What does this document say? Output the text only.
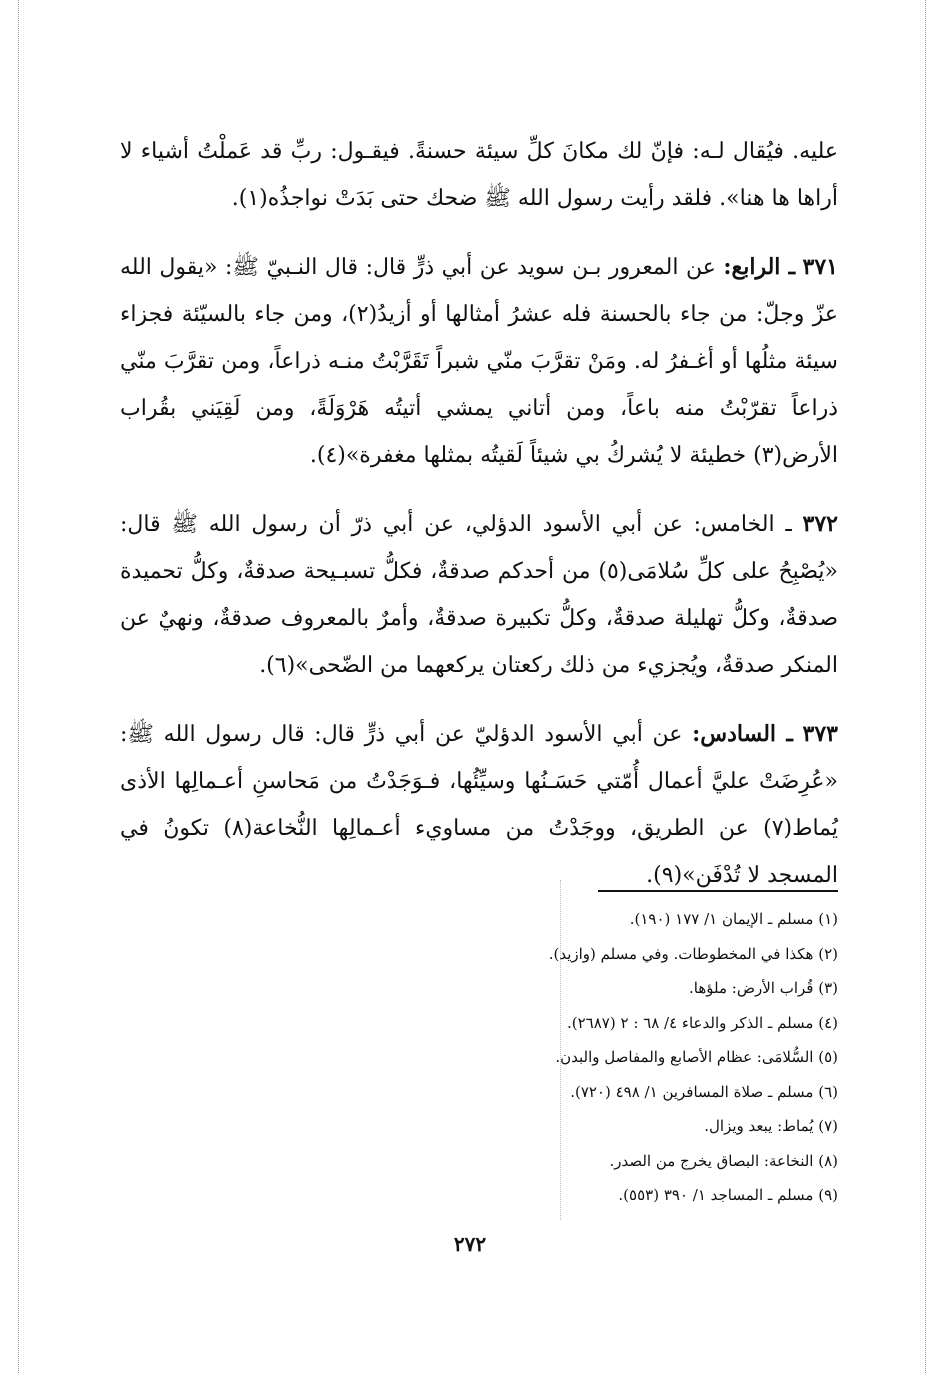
عليه. فيُقال لـه: فإنّ لك مكانَ كلِّ سيئة حسنةً. فيقـول: ربِّ قد عَملْتُ أشياء لا أراها ها هنا». فلقد رأيت رسول الله ﷺ ضحك حتى بَدَتْ نواجذُه(١).

٣٧١ ـ الرابع: عن المعرور بـن سويد عن أبي ذرٍّ قال: قال النـبيّ ﷺ: «يقول الله عزّ وجلّ: من جاء بالحسنة فله عشرُ أمثالها أو أزيدُ(٢)، ومن جاء بالسيّئة فجزاء سيئة مثلُها أو أغـفرُ له. ومَنْ تقرَّبَ منّي شبراً تَقَرَّبْتُ منـه ذراعاً، ومن تقرَّبَ منّي ذراعاً تقرّبْتُ منه باعاً، ومن أتاني يمشي أتيتُه هَرْوَلَةً، ومن لَقِيَني بقُراب الأرض(٣) خطيئة لا يُشركُ بي شيئاً لَقيتُه بمثلها مغفرة»(٤).

٣٧٢ ـ الخامس: عن أبي الأسود الدؤلي، عن أبي ذرّ أن رسول الله ﷺ قال: «يُصْبِحُ على كلِّ سُلامَى(٥) من أحدكم صدقةٌ، فكلُّ تسبـيحة صدقةٌ، وكلُّ تحميدة صدقةٌ، وكلُّ تهليلة صدقةٌ، وكلُّ تكبيرة صدقةٌ، وأمرٌ بالمعروف صدقةٌ، ونهيٌ عن المنكر صدقةٌ، ويُجزيء من ذلك ركعتان يركعهما من الضّحى»(٦).

٣٧٣ ـ السادس: عن أبي الأسود الدؤليّ عن أبي ذرٍّ قال: قال رسول الله ﷺ: «عُرِضَتْ عليَّ أعمال أُمّتي حَسَـنُها وسيِّئُها، فـوَجَدْتُ من مَحاسنِ أعـمالِها الأذى يُماط(٧) عن الطريق، ووجَدْتُ من مساويء أعـمالِها النُّخاعة(٨) تكونُ في المسجد لا تُدْفَن»(٩).

(١) مسلم ـ الإيمان ١/ ١٧٧ (١٩٠).
(٢) هكذا في المخطوطات. وفي مسلم (وازيد).
(٣) قُراب الأرض: ملؤها.
(٤) مسلم ـ الذكر والدعاء ٤/ ٦٨ : ٢ (٢٦٨٧).
(٥) السُّلامَى: عظام الأصابع والمفاصل والبدن.
(٦) مسلم ـ صلاة المسافرين ١/ ٤٩٨ (٧٢٠).
(٧) يُماط: يبعد ويزال.
(٨) النخاعة: البصاق يخرج من الصدر.
(٩) مسلم ـ المساجد ١/ ٣٩٠ (٥٥٣).
٢٧٢
